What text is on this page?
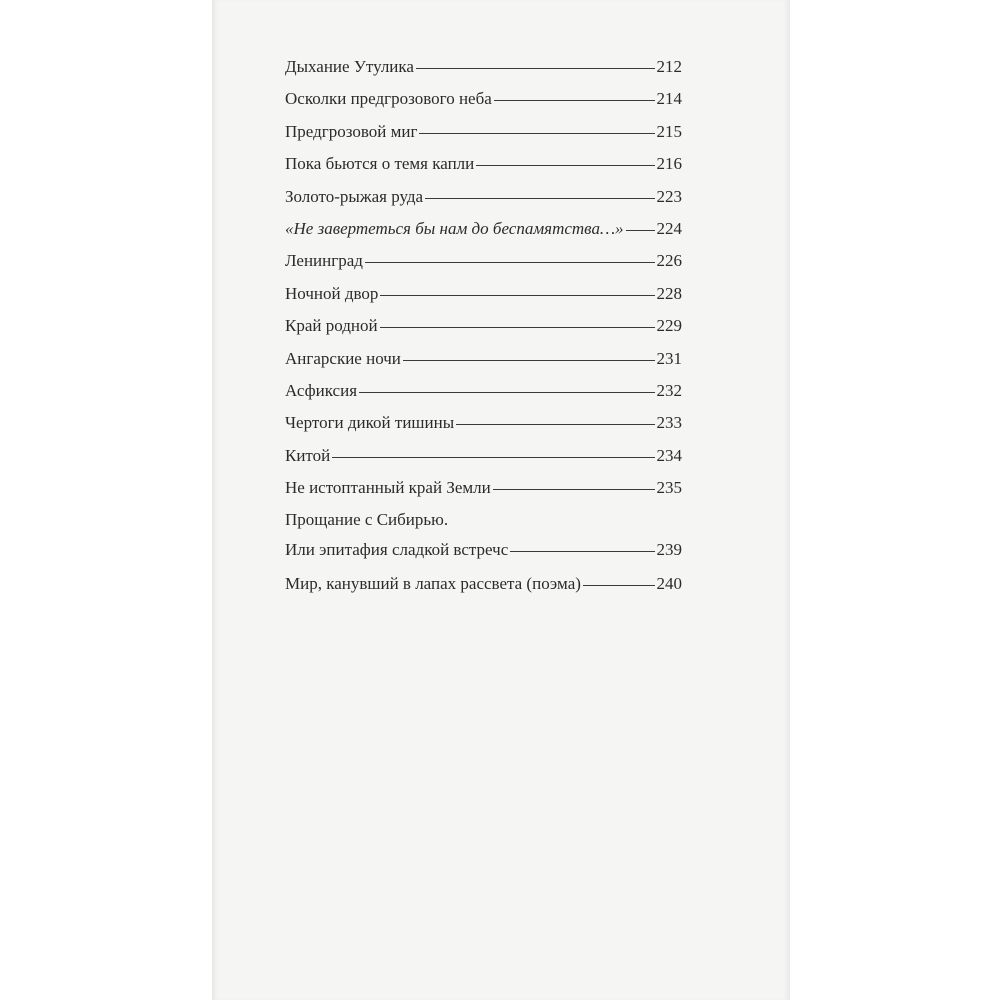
Дыхание Утулика	212
Осколки предгрозового неба	214
Предгрозовой миг	215
Пока бьются о темя капли	216
Золото-рыжая руда	223
«Не завертеться бы нам до беспамятства…» 224
Ленинград	226
Ночной двор	228
Край родной	229
Ангарские ночи	231
Асфиксия	232
Чертоги дикой тишины	233
Китой	234
Не истоптанный край Земли	235
Прощание с Сибирью.
Или эпитафия сладкой встречс	239
Мир, канувший в лапах рассвета (поэма)	240
